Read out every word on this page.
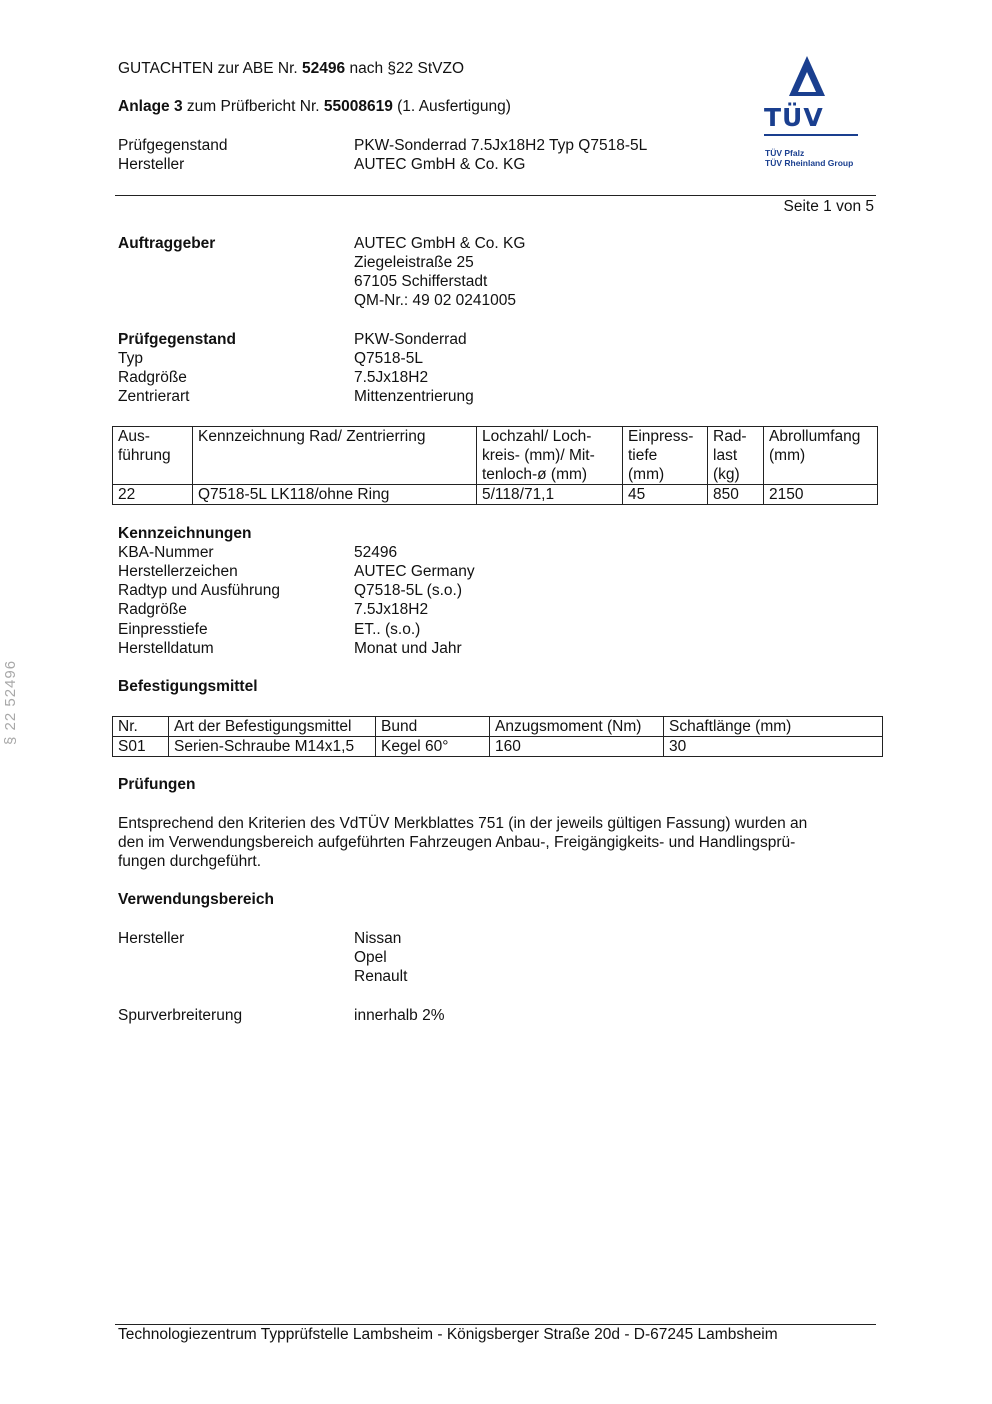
GUTACHTEN zur ABE Nr. 52496 nach §22 StVZO
Anlage 3 zum Prüfbericht Nr. 55008619 (1. Ausfertigung)
Prüfgegenstand	PKW-Sonderrad 7.5Jx18H2 Typ Q7518-5L
Hersteller	AUTEC GmbH & Co. KG
TÜV
TÜV Pfalz
TÜV Rheinland Group
Seite 1 von 5
§ 22 52496
Auftraggeber	AUTEC GmbH & Co. KG
Ziegeleistraße 25
67105 Schifferstadt
QM-Nr.: 49 02 0241005
Prüfgegenstand	PKW-Sonderrad
Typ	Q7518-5L
Radgröße	7.5Jx18H2
Zentrierart	Mittenzentrierung
Aus-
führung	Kennzeichnung Rad/ Zentrierring	Lochzahl/ Loch-
kreis- (mm)/ Mit-
tenloch-ø (mm)	Einpress-
tiefe
(mm)	Rad-
last
(kg)	Abrollumfang
(mm)
22	Q7518-5L LK118/ohne Ring	5/118/71,1	45	850	2150
Kennzeichnungen
KBA-Nummer	52496
Herstellerzeichen	AUTEC Germany
Radtyp und Ausführung	Q7518-5L (s.o.)
Radgröße	7.5Jx18H2
Einpresstiefe	ET.. (s.o.)
Herstelldatum	Monat und Jahr
Befestigungsmittel
Nr.	Art der Befestigungsmittel	Bund	Anzugsmoment (Nm)	Schaftlänge (mm)
S01	Serien-Schraube M14x1,5	Kegel 60°	160	30
Prüfungen
Entsprechend den Kriterien des VdTÜV Merkblattes 751 (in der jeweils gültigen Fassung) wurden an
den im Verwendungsbereich aufgeführten Fahrzeugen Anbau-, Freigängigkeits- und Handlingsprü-
fungen durchgeführt.
Verwendungsbereich
Hersteller	Nissan
Opel
Renault
Spurverbreiterung	innerhalb 2%
Technologiezentrum Typprüfstelle Lambsheim - Königsberger Straße 20d - D-67245 Lambsheim
